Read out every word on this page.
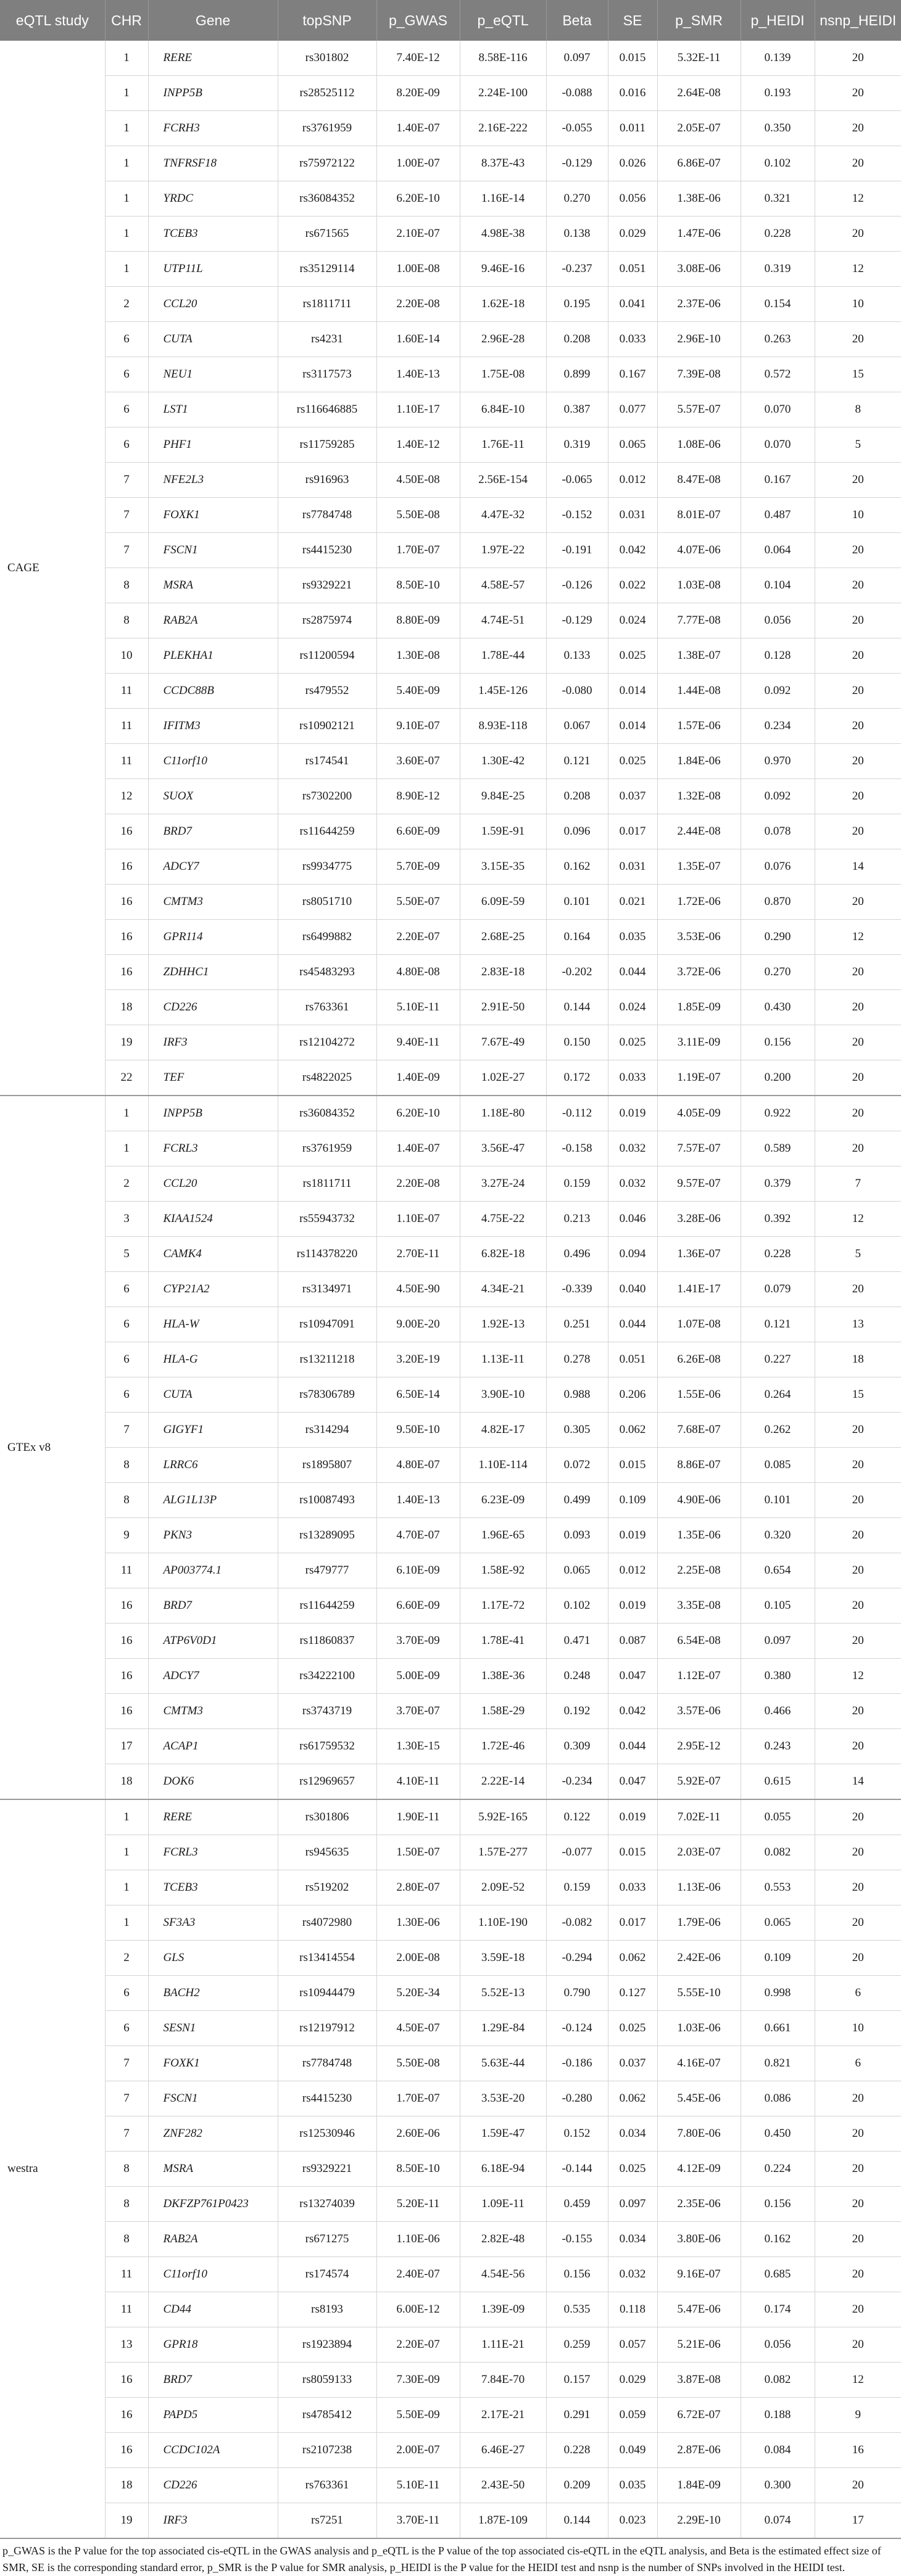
eQTL study	CHR	Gene	topSNP	p_GWAS	p_eQTL	Beta	SE	p_SMR	p_HEIDI	nsnp_HEIDI
CAGE	1	RERE	rs301802	7.40E-12	8.58E-116	0.097	0.015	5.32E-11	0.139	20
	1	INPP5B	rs28525112	8.20E-09	2.24E-100	-0.088	0.016	2.64E-08	0.193	20
	1	FCRH3	rs3761959	1.40E-07	2.16E-222	-0.055	0.011	2.05E-07	0.350	20
	1	TNFRSF18	rs75972122	1.00E-07	8.37E-43	-0.129	0.026	6.86E-07	0.102	20
	1	YRDC	rs36084352	6.20E-10	1.16E-14	0.270	0.056	1.38E-06	0.321	12
	1	TCEB3	rs671565	2.10E-07	4.98E-38	0.138	0.029	1.47E-06	0.228	20
	1	UTP11L	rs35129114	1.00E-08	9.46E-16	-0.237	0.051	3.08E-06	0.319	12
	2	CCL20	rs1811711	2.20E-08	1.62E-18	0.195	0.041	2.37E-06	0.154	10
	6	CUTA	rs4231	1.60E-14	2.96E-28	0.208	0.033	2.96E-10	0.263	20
	6	NEU1	rs3117573	1.40E-13	1.75E-08	0.899	0.167	7.39E-08	0.572	15
	6	LST1	rs116646885	1.10E-17	6.84E-10	0.387	0.077	5.57E-07	0.070	8
	6	PHF1	rs11759285	1.40E-12	1.76E-11	0.319	0.065	1.08E-06	0.070	5
	7	NFE2L3	rs916963	4.50E-08	2.56E-154	-0.065	0.012	8.47E-08	0.167	20
	7	FOXK1	rs7784748	5.50E-08	4.47E-32	-0.152	0.031	8.01E-07	0.487	10
	7	FSCN1	rs4415230	1.70E-07	1.97E-22	-0.191	0.042	4.07E-06	0.064	20
	8	MSRA	rs9329221	8.50E-10	4.58E-57	-0.126	0.022	1.03E-08	0.104	20
	8	RAB2A	rs2875974	8.80E-09	4.74E-51	-0.129	0.024	7.77E-08	0.056	20
	10	PLEKHA1	rs11200594	1.30E-08	1.78E-44	0.133	0.025	1.38E-07	0.128	20
	11	CCDC88B	rs479552	5.40E-09	1.45E-126	-0.080	0.014	1.44E-08	0.092	20
	11	IFITM3	rs10902121	9.10E-07	8.93E-118	0.067	0.014	1.57E-06	0.234	20
	11	C11orf10	rs174541	3.60E-07	1.30E-42	0.121	0.025	1.84E-06	0.970	20
	12	SUOX	rs7302200	8.90E-12	9.84E-25	0.208	0.037	1.32E-08	0.092	20
	16	BRD7	rs11644259	6.60E-09	1.59E-91	0.096	0.017	2.44E-08	0.078	20
	16	ADCY7	rs9934775	5.70E-09	3.15E-35	0.162	0.031	1.35E-07	0.076	14
	16	CMTM3	rs8051710	5.50E-07	6.09E-59	0.101	0.021	1.72E-06	0.870	20
	16	GPR114	rs6499882	2.20E-07	2.68E-25	0.164	0.035	3.53E-06	0.290	12
	16	ZDHHC1	rs45483293	4.80E-08	2.83E-18	-0.202	0.044	3.72E-06	0.270	20
	18	CD226	rs763361	5.10E-11	2.91E-50	0.144	0.024	1.85E-09	0.430	20
	19	IRF3	rs12104272	9.40E-11	7.67E-49	0.150	0.025	3.11E-09	0.156	20
	22	TEF	rs4822025	1.40E-09	1.02E-27	0.172	0.033	1.19E-07	0.200	20
GTEx v8	1	INPP5B	rs36084352	6.20E-10	1.18E-80	-0.112	0.019	4.05E-09	0.922	20
	1	FCRL3	rs3761959	1.40E-07	3.56E-47	-0.158	0.032	7.57E-07	0.589	20
	2	CCL20	rs1811711	2.20E-08	3.27E-24	0.159	0.032	9.57E-07	0.379	7
	3	KIAA1524	rs55943732	1.10E-07	4.75E-22	0.213	0.046	3.28E-06	0.392	12
	5	CAMK4	rs114378220	2.70E-11	6.82E-18	0.496	0.094	1.36E-07	0.228	5
	6	CYP21A2	rs3134971	4.50E-90	4.34E-21	-0.339	0.040	1.41E-17	0.079	20
	6	HLA-W	rs10947091	9.00E-20	1.92E-13	0.251	0.044	1.07E-08	0.121	13
	6	HLA-G	rs13211218	3.20E-19	1.13E-11	0.278	0.051	6.26E-08	0.227	18
	6	CUTA	rs78306789	6.50E-14	3.90E-10	0.988	0.206	1.55E-06	0.264	15
	7	GIGYF1	rs314294	9.50E-10	4.82E-17	0.305	0.062	7.68E-07	0.262	20
	8	LRRC6	rs1895807	4.80E-07	1.10E-114	0.072	0.015	8.86E-07	0.085	20
	8	ALG1L13P	rs10087493	1.40E-13	6.23E-09	0.499	0.109	4.90E-06	0.101	20
	9	PKN3	rs13289095	4.70E-07	1.96E-65	0.093	0.019	1.35E-06	0.320	20
	11	AP003774.1	rs479777	6.10E-09	1.58E-92	0.065	0.012	2.25E-08	0.654	20
	16	BRD7	rs11644259	6.60E-09	1.17E-72	0.102	0.019	3.35E-08	0.105	20
	16	ATP6V0D1	rs11860837	3.70E-09	1.78E-41	0.471	0.087	6.54E-08	0.097	20
	16	ADCY7	rs34222100	5.00E-09	1.38E-36	0.248	0.047	1.12E-07	0.380	12
	16	CMTM3	rs3743719	3.70E-07	1.58E-29	0.192	0.042	3.57E-06	0.466	20
	17	ACAP1	rs61759532	1.30E-15	1.72E-46	0.309	0.044	2.95E-12	0.243	20
	18	DOK6	rs12969657	4.10E-11	2.22E-14	-0.234	0.047	5.92E-07	0.615	14
westra	1	RERE	rs301806	1.90E-11	5.92E-165	0.122	0.019	7.02E-11	0.055	20
	1	FCRL3	rs945635	1.50E-07	1.57E-277	-0.077	0.015	2.03E-07	0.082	20
	1	TCEB3	rs519202	2.80E-07	2.09E-52	0.159	0.033	1.13E-06	0.553	20
	1	SF3A3	rs4072980	1.30E-06	1.10E-190	-0.082	0.017	1.79E-06	0.065	20
	2	GLS	rs13414554	2.00E-08	3.59E-18	-0.294	0.062	2.42E-06	0.109	20
	6	BACH2	rs10944479	5.20E-34	5.52E-13	0.790	0.127	5.55E-10	0.998	6
	6	SESN1	rs12197912	4.50E-07	1.29E-84	-0.124	0.025	1.03E-06	0.661	10
	7	FOXK1	rs7784748	5.50E-08	5.63E-44	-0.186	0.037	4.16E-07	0.821	6
	7	FSCN1	rs4415230	1.70E-07	3.53E-20	-0.280	0.062	5.45E-06	0.086	20
	7	ZNF282	rs12530946	2.60E-06	1.59E-47	0.152	0.034	7.80E-06	0.450	20
	8	MSRA	rs9329221	8.50E-10	6.18E-94	-0.144	0.025	4.12E-09	0.224	20
	8	DKFZP761P0423	rs13274039	5.20E-11	1.09E-11	0.459	0.097	2.35E-06	0.156	20
	8	RAB2A	rs671275	1.10E-06	2.82E-48	-0.155	0.034	3.80E-06	0.162	20
	11	C11orf10	rs174574	2.40E-07	4.54E-56	0.156	0.032	9.16E-07	0.685	20
	11	CD44	rs8193	6.00E-12	1.39E-09	0.535	0.118	5.47E-06	0.174	20
	13	GPR18	rs1923894	2.20E-07	1.11E-21	0.259	0.057	5.21E-06	0.056	20
	16	BRD7	rs8059133	7.30E-09	7.84E-70	0.157	0.029	3.87E-08	0.082	12
	16	PAPD5	rs4785412	5.50E-09	2.17E-21	0.291	0.059	6.72E-07	0.188	9
	16	CCDC102A	rs2107238	2.00E-07	6.46E-27	0.228	0.049	2.87E-06	0.084	16
	18	CD226	rs763361	5.10E-11	2.43E-50	0.209	0.035	1.84E-09	0.300	20
	19	IRF3	rs7251	3.70E-11	1.87E-109	0.144	0.023	2.29E-10	0.074	17
p_GWAS is the P value for the top associated cis-eQTL in the GWAS analysis and p_eQTL is the P value of the top associated cis-eQTL in the eQTL analysis, and Beta is the estimated effect size of SMR, SE is the corresponding standard error, p_SMR is the P value for SMR analysis, p_HEIDI is the P value for the HEIDI test and nsnp is the number of SNPs involved in the HEIDI test.
